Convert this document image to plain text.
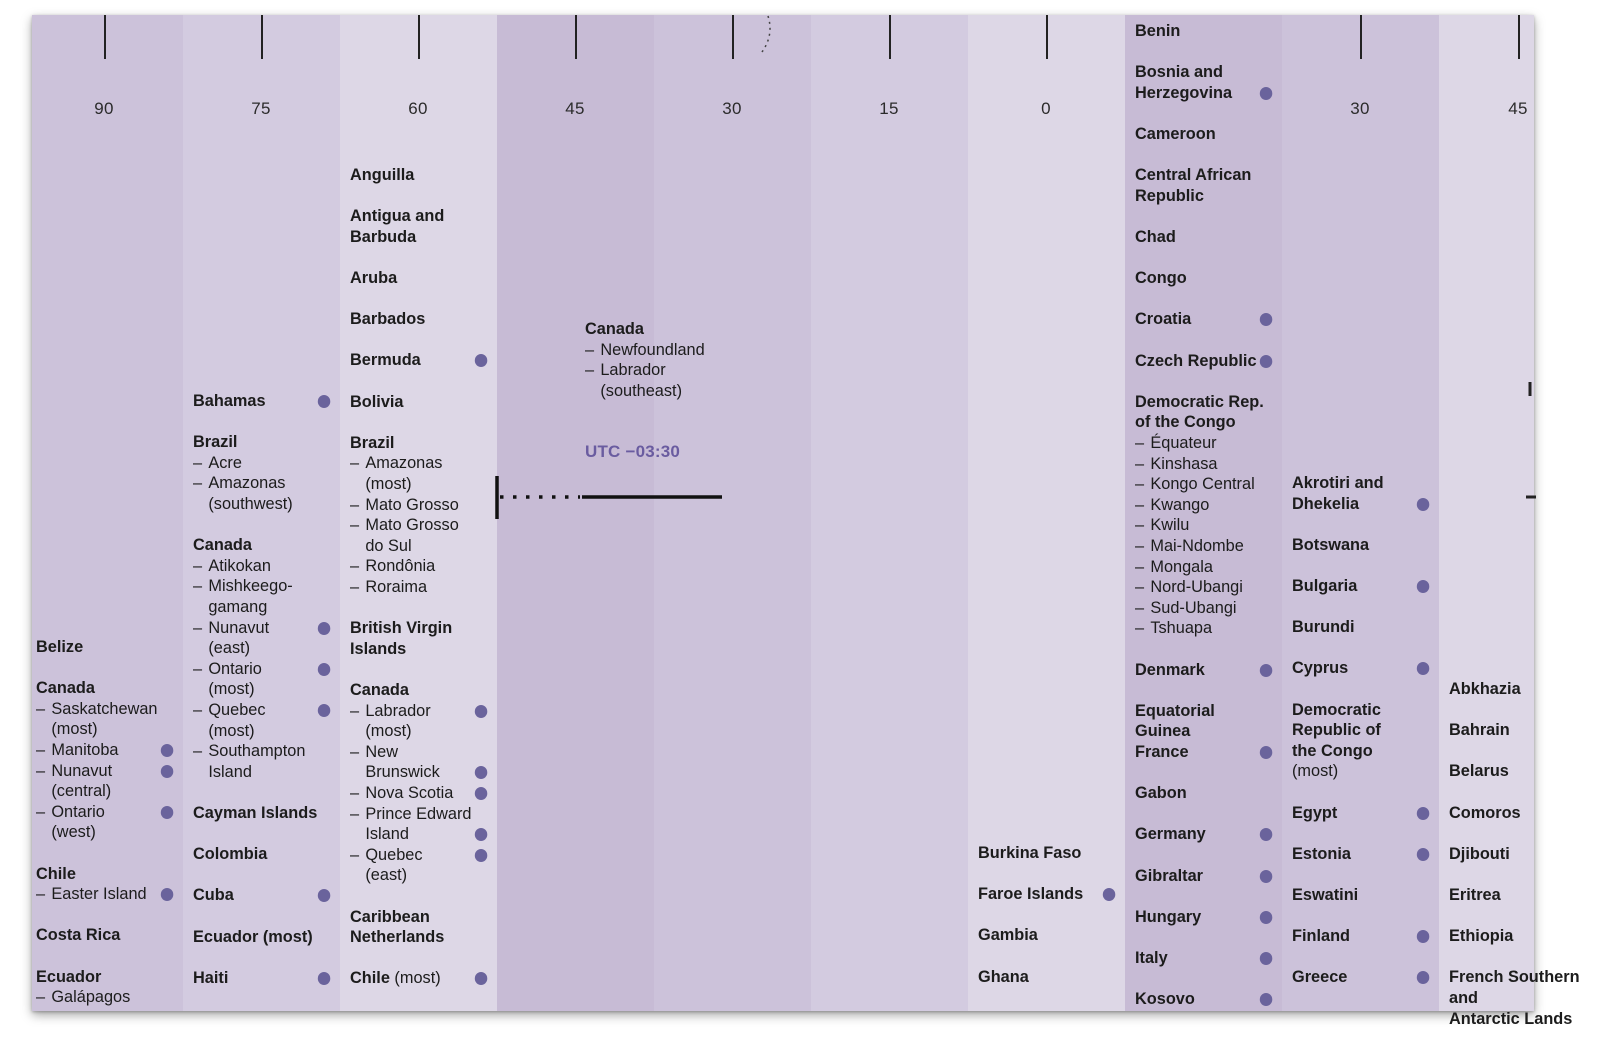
90	75	60	45	30	15	0	30	45
UTC −03:30
Belize
Canada
– Saskatchewan
(most)
– Manitoba
– Nunavut
(central)
– Ontario
(west)
Chile
– Easter Island
Costa Rica
Ecuador
– Galápagos
Bahamas
Brazil
– Acre
– Amazonas
(southwest)
Canada
– Atikokan
– Mishkeego-
gamang
– Nunavut
(east)
– Ontario
(most)
– Quebec
(most)
– Southampton
Island
Cayman Islands
Colombia
Cuba
Ecuador (most)
Haiti
Anguilla
Antigua and
Barbuda
Aruba
Barbados
Bermuda
Bolivia
Brazil
– Amazonas
(most)
– Mato Grosso
– Mato Grosso
do Sul
– Rondônia
– Roraima
British Virgin
Islands
Canada
– Labrador
(most)
– New
Brunswick
– Nova Scotia
– Prince Edward
Island
– Quebec
(east)
Caribbean
Netherlands
Chile (most)
Canada
– Newfoundland
– Labrador
(southeast)
Burkina Faso
Faroe Islands
Gambia
Ghana
Benin
Bosnia and
Herzegovina
Cameroon
Central African
Republic
Chad
Congo
Croatia
Czech Republic
Democratic Rep.
of the Congo
– Équateur
– Kinshasa
– Kongo Central
– Kwango
– Kwilu
– Mai-Ndombe
– Mongala
– Nord-Ubangi
– Sud-Ubangi
– Tshuapa
Denmark
Equatorial Guinea
France
Gabon
Germany
Gibraltar
Hungary
Italy
Kosovo
Akrotiri and
Dhekelia
Botswana
Bulgaria
Burundi
Cyprus
Democratic
Republic of
the Congo
(most)
Egypt
Estonia
Eswatini
Finland
Greece
Abkhazia
Bahrain
Belarus
Comoros
Djibouti
Eritrea
Ethiopia
French Southern and
Antarctic Lands
